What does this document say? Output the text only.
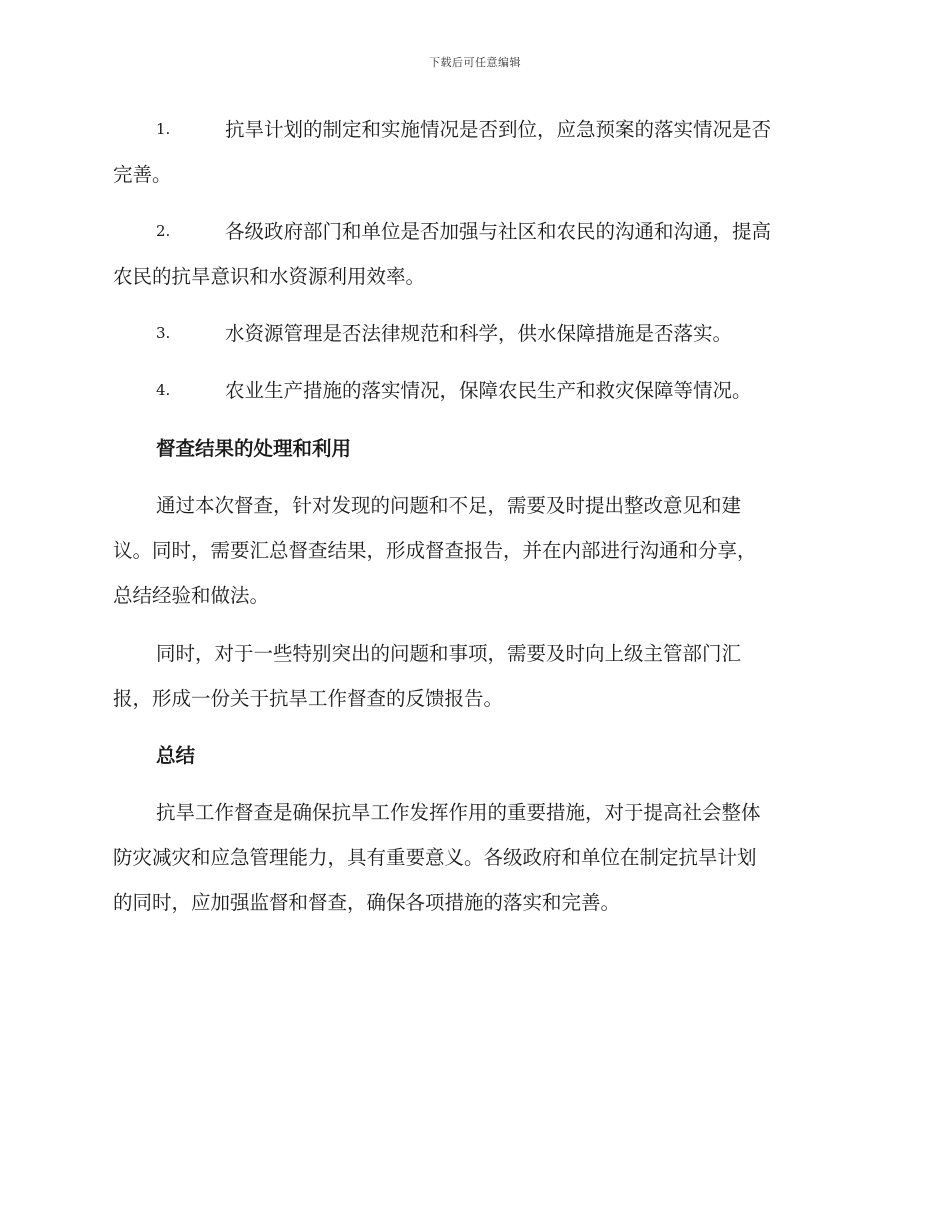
下载后可任意编辑
1.	抗旱计划的制定和实施情况是否到位，应急预案的落实情况是否
完善。
2.	各级政府部门和单位是否加强与社区和农民的沟通和沟通，提高
农民的抗旱意识和水资源利用效率。
3.	水资源管理是否法律规范和科学，供水保障措施是否落实。
4.	农业生产措施的落实情况，保障农民生产和救灾保障等情况。
督查结果的处理和利用
通过本次督查，针对发现的问题和不足，需要及时提出整改意见和建
议。同时，需要汇总督查结果，形成督查报告，并在内部进行沟通和分享，
总结经验和做法。
同时，对于一些特别突出的问题和事项，需要及时向上级主管部门汇
报，形成一份关于抗旱工作督查的反馈报告。
总结
抗旱工作督查是确保抗旱工作发挥作用的重要措施，对于提高社会整体
防灾减灾和应急管理能力，具有重要意义。各级政府和单位在制定抗旱计划
的同时，应加强监督和督查，确保各项措施的落实和完善。
